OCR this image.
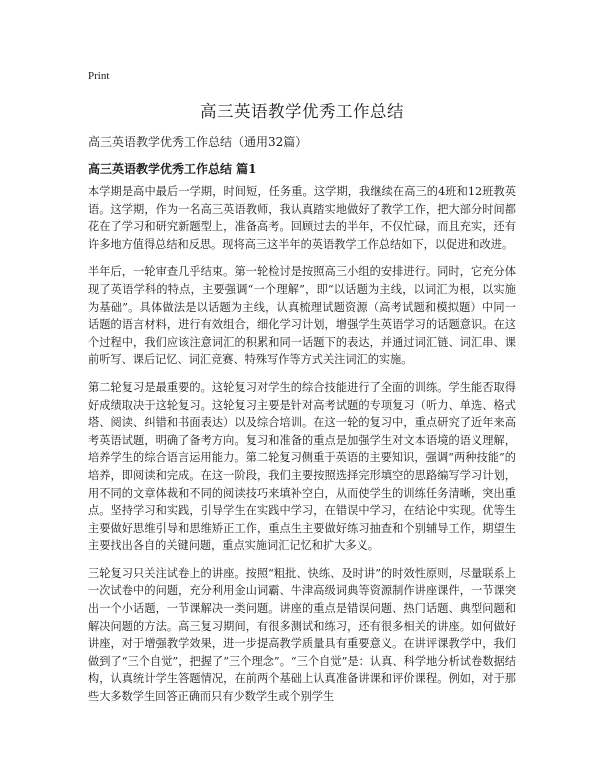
Print
高三英语教学优秀工作总结

高三英语教学优秀工作总结（通用32篇）

高三英语教学优秀工作总结 篇1

本学期是高中最后一学期，时间短，任务重。这学期，我继续在高三的4班和12班教英语。这学期，作为一名高三英语教师，我认真踏实地做好了教学工作，把大部分时间都花在了学习和研究新题型上，准备高考。回顾过去的半年，不仅忙碌，而且充实，还有许多地方值得总结和反思。现将高三这半年的英语教学工作总结如下，以促进和改进。

半年后，一轮审查几乎结束。第一轮检讨是按照高三小组的安排进行。同时，它充分体现了英语学科的特点，主要强调“一个理解”，即“以话题为主线，以词汇为根，以实施为基础”。具体做法是以话题为主线，认真梳理试题资源（高考试题和模拟题）中同一话题的语言材料，进行有效组合，细化学习计划，增强学生英语学习的话题意识。在这个过程中，我们应该注意词汇的积累和同一话题下的表达，并通过词汇链、词汇串、课前听写、课后记忆、词汇竞赛、特殊写作等方式关注词汇的实施。

第二轮复习是最重要的。这轮复习对学生的综合技能进行了全面的训练。学生能否取得好成绩取决于这轮复习。这轮复习主要是针对高考试题的专项复习（听力、单选、格式塔、阅读、纠错和书面表达）以及综合培训。在这一轮的复习中，重点研究了近年来高考英语试题，明确了备考方向。复习和准备的重点是加强学生对文本语境的语义理解，培养学生的综合语言运用能力。第二轮复习侧重于英语的主要知识，强调“两种技能”的培养，即阅读和完成。在这一阶段，我们主要按照选择完形填空的思路编写学习计划，用不同的文章体裁和不同的阅读技巧来填补空白，从而使学生的训练任务清晰，突出重点。坚持学习和实践，引导学生在实践中学习，在错误中学习，在结论中实现。优等生主要做好思维引导和思维矫正工作，重点生主要做好练习抽查和个别辅导工作，期望生主要找出各自的关键问题，重点实施词汇记忆和扩大多义。

三轮复习只关注试卷上的讲座。按照“粗批、快练、及时讲”的时效性原则，尽量联系上一次试卷中的问题，充分利用金山词霸、牛津高级词典等资源制作讲座课件，一节课突出一个小话题，一节课解决一类问题。讲座的重点是错误问题、热门话题、典型问题和解决问题的方法。高三复习期间，有很多测试和练习，还有很多相关的讲座。如何做好讲座，对于增强教学效果，进一步提高教学质量具有重要意义。在讲评课教学中，我们做到了“三个自觉”，把握了“三个理念”。“三个自觉”是：认真、科学地分析试卷数据结构，认真统计学生答题情况，在前两个基础上认真准备讲课和评价课程。例如，对于那些大多数学生回答正确而只有少数学生或个别学生
